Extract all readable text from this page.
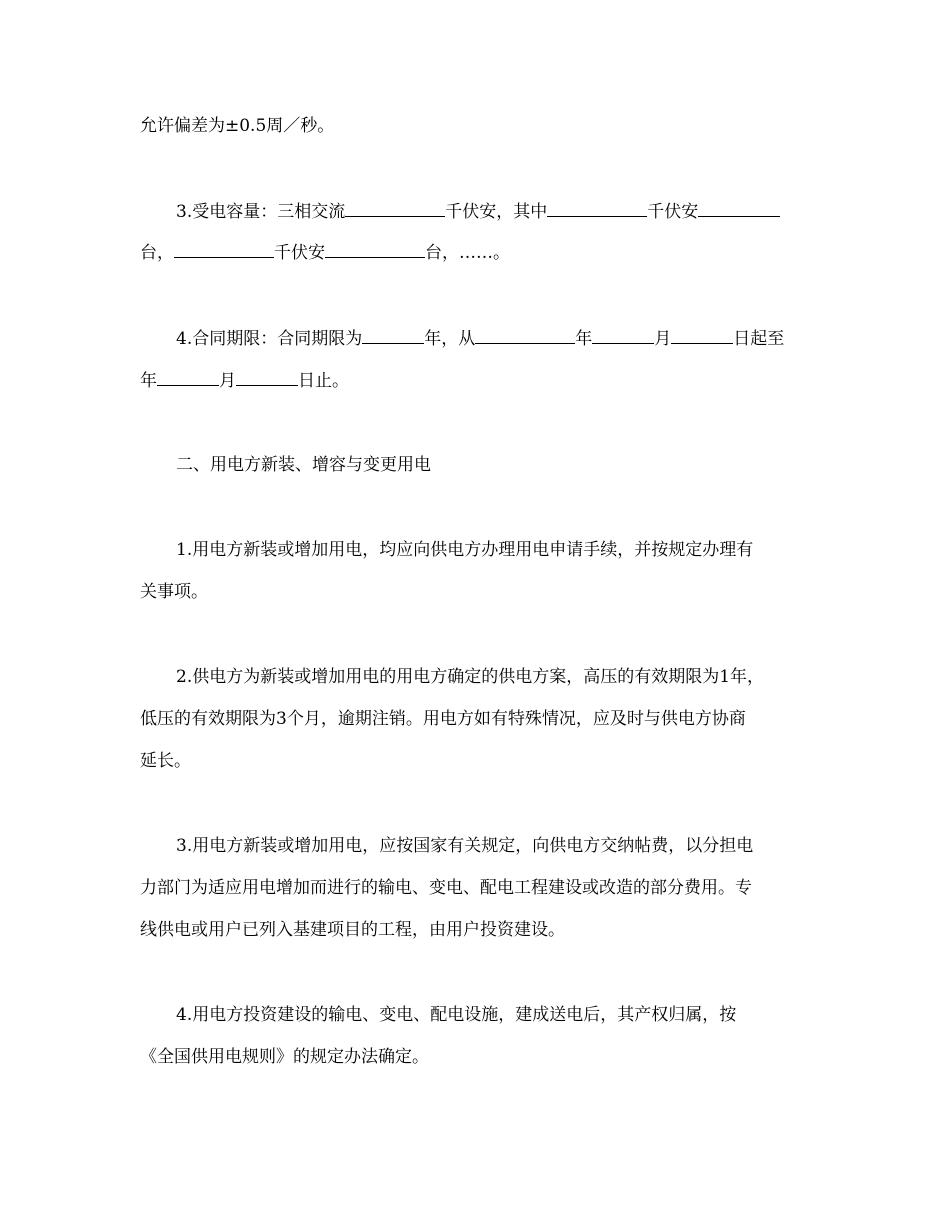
允许偏差为±0.5周／秒。
3.受电容量：三相交流	千伏安，其中	千伏安
台，	千伏安	台，……。
4.合同期限：合同期限为	年，从	年	月	日起至
年	月	日止。
二、用电方新装、增容与变更用电
1.用电方新装或增加用电，均应向供电方办理用电申请手续，并按规定办理有
关事项。
2.供电方为新装或增加用电的用电方确定的供电方案，高压的有效期限为1年，
低压的有效期限为3个月，逾期注销。用电方如有特殊情况，应及时与供电方协商
延长。
3.用电方新装或增加用电，应按国家有关规定，向供电方交纳帖费，以分担电
力部门为适应用电增加而进行的输电、变电、配电工程建设或改造的部分费用。专
线供电或用户已列入基建项目的工程，由用户投资建设。
4.用电方投资建设的输电、变电、配电设施，建成送电后，其产权归属，按
《全国供用电规则》的规定办法确定。
